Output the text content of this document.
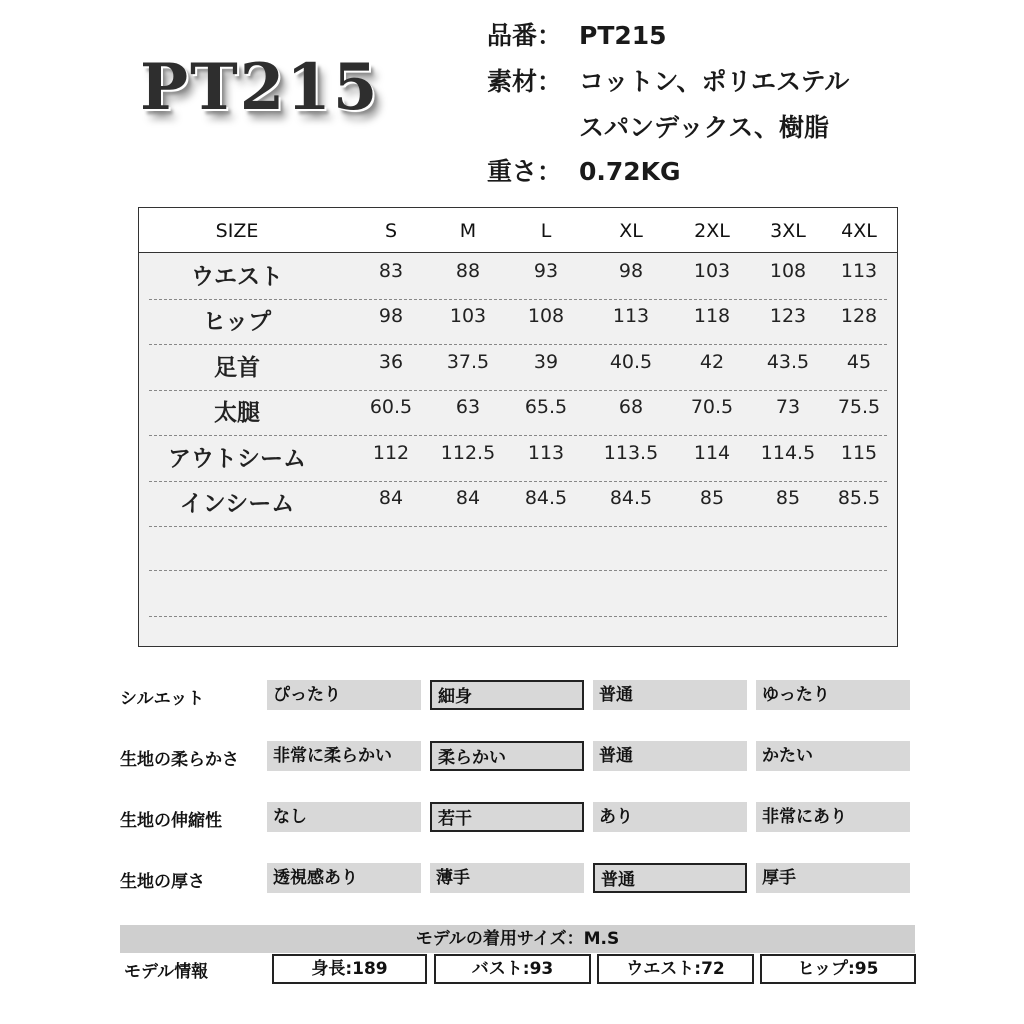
PT215
品番： PT215
素材： コットン、ポリエステル
スパンデックス、樹脂
重さ： 0.72KG
SIZE	S	M	L	XL	2XL 3XL 4XL
ウエスト	83	88	93	98	103 108 113
ヒップ	98 103 108	113 118 123 128
足首	36 37.5 39	40.5	42 43.5 45
太腿	60.5 63 65.5	68	70.5 73 75.5
アウトシーム	112 112.5 113 113.5 114 114.5 115
インシーム	84	84 84.5 84.5	85	85 85.5
シルエット	ぴったり	細身	普通	ゆったり
生地の柔らかさ	非常に柔らかい	柔らかい	普通	かたい
生地の伸縮性	なし	若干	あり	非常にあり
生地の厚さ	透視感あり	薄手	普通	厚手
モデルの着用サイズ：M.S
モデル情報	身長:189	バスト:93	ウエスト:72	ヒップ:95
